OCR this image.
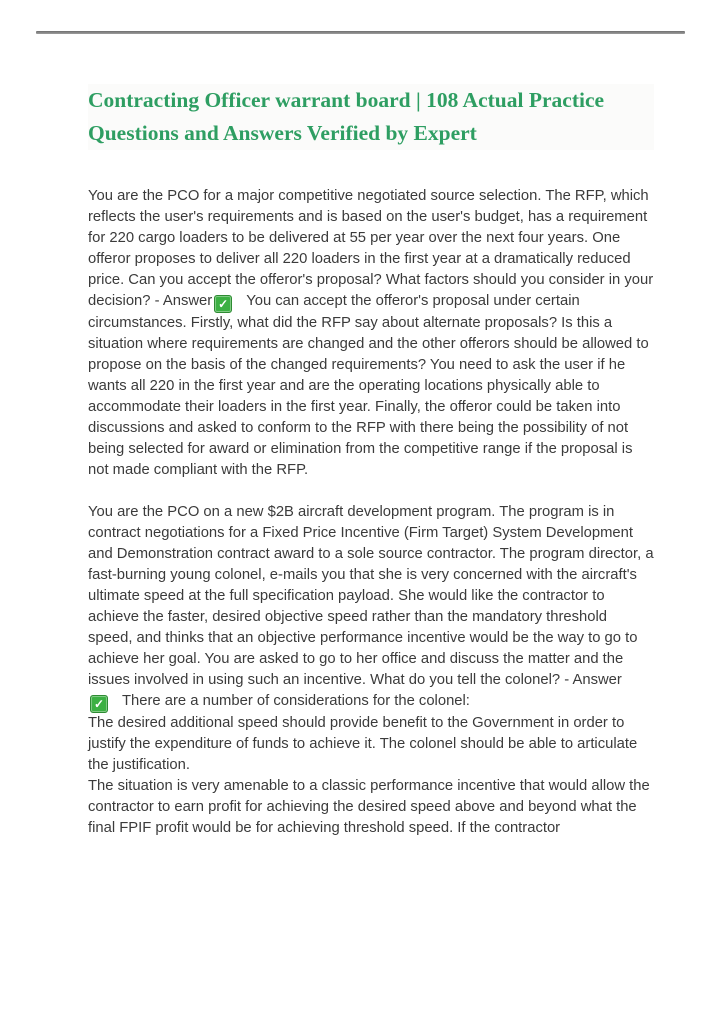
Contracting Officer warrant board | 108 Actual Practice Questions and Answers Verified by Expert
You are the PCO for a major competitive negotiated source selection. The RFP, which reflects the user's requirements and is based on the user's budget, has a requirement for 220 cargo loaders to be delivered at 55 per year over the next four years. One offeror proposes to deliver all 220 loaders in the first year at a dramatically reduced price. Can you accept the offeror's proposal? What factors should you consider in your decision? - Answer ✓ You can accept the offeror's proposal under certain circumstances. Firstly, what did the RFP say about alternate proposals? Is this a situation where requirements are changed and the other offerors should be allowed to propose on the basis of the changed requirements? You need to ask the user if he wants all 220 in the first year and are the operating locations physically able to accommodate their loaders in the first year. Finally, the offeror could be taken into discussions and asked to conform to the RFP with there being the possibility of not being selected for award or elimination from the competitive range if the proposal is not made compliant with the RFP.
You are the PCO on a new $2B aircraft development program. The program is in contract negotiations for a Fixed Price Incentive (Firm Target) System Development and Demonstration contract award to a sole source contractor. The program director, a fast-burning young colonel, e-mails you that she is very concerned with the aircraft's ultimate speed at the full specification payload. She would like the contractor to achieve the faster, desired objective speed rather than the mandatory threshold speed, and thinks that an objective performance incentive would be the way to go to achieve her goal. You are asked to go to her office and discuss the matter and the issues involved in using such an incentive. What do you tell the colonel? - Answer✓ There are a number of considerations for the colonel:
The desired additional speed should provide benefit to the Government in order to justify the expenditure of funds to achieve it. The colonel should be able to articulate the justification.
The situation is very amenable to a classic performance incentive that would allow the contractor to earn profit for achieving the desired speed above and beyond what the final FPIF profit would be for achieving threshold speed. If the contractor
